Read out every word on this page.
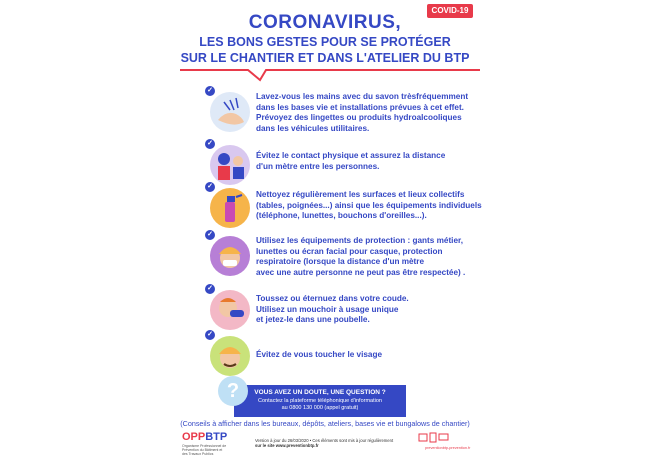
COVID-19
CORONAVIRUS,
LES BONS GESTES POUR SE PROTÉGER
SUR LE CHANTIER ET DANS L'ATELIER DU BTP
✓
Lavez-vous les mains avec du savon trèsfréquemment
dans les bases vie et installations prévues à cet effet.
Prévoyez des lingettes ou produits hydroalcooliques
dans les véhicules utilitaires.
✓
Évitez le contact physique et assurez la distance
d'un mètre entre les personnes.
✓
Nettoyez régulièrement les surfaces et lieux collectifs
(tables, poignées...) ainsi que les équipements individuels
(téléphone, lunettes, bouchons d'oreilles...).
✓
Utilisez les équipements de protection : gants métier,
lunettes ou écran facial pour casque, protection
respiratoire (lorsque la distance d'un mètre
avec une autre personne ne peut pas être respectée) .
✓
Toussez ou éternuez dans votre coude.
Utilisez un mouchoir à usage unique
et jetez-le dans une poubelle.
✓
Évitez de vous toucher le visage
VOUS AVEZ UN DOUTE, UNE QUESTION ?
Contactez la plateforme téléphonique d'information
au 0800 130 000 (appel gratuit)
?
(Conseils à afficher dans les bureaux, dépôts, ateliers, bases vie et bungalows de chantier)
OPPBTP
Organisme Professionnel de Prévention du Bâtiment et des Travaux Publics
Version à jour du 26/03/2020 • Ces éléments sont mis à jour régulièrement
sur le site www.preventionbtp.fr	preventionbtp-prevention.fr
